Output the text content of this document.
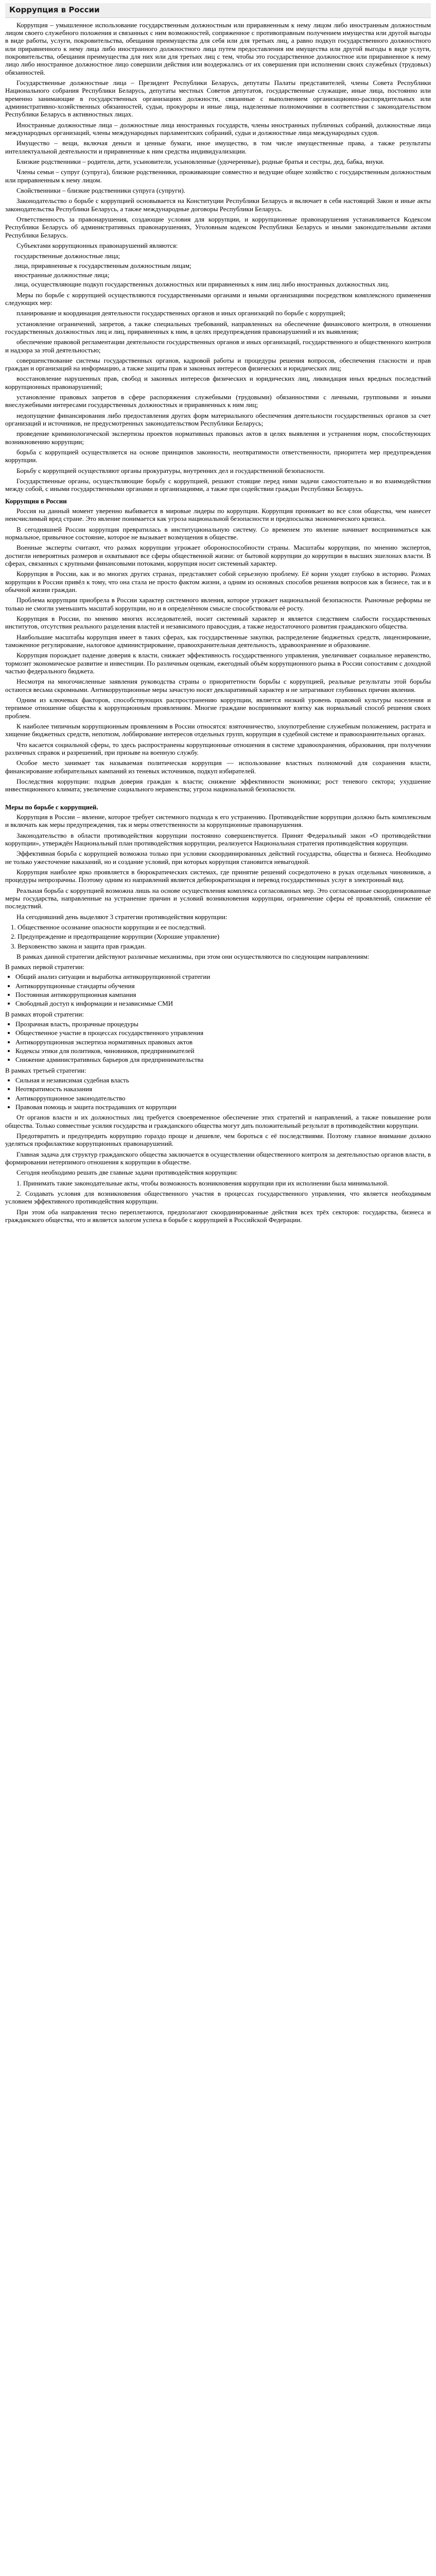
Коррупция в России

Коррупция – умышленное использование государственным должностным или приравненным к нему лицом либо иностранным должностным лицом своего служебного положения и связанных с ним возможностей, сопряженное с противоправным получением имущества или другой выгоды в виде работы, услуги, покровительства, обещания преимущества для себя или для третьих лиц, а равно подкуп государственного должностного или приравненного к нему лица либо иностранного должностного лица путем предоставления им имущества или другой выгоды в виде услуги, покровительства, обещания преимущества для них или для третьих лиц с тем, чтобы это государственное должностное или приравненное к нему лицо либо иностранное должностное лицо совершили действия или воздержались от их совершения при исполнении своих служебных (трудовых) обязанностей.

Государственные должностные лица – Президент Республики Беларусь, депутаты Палаты представителей, члены Совета Республики Национального собрания Республики Беларусь, депутаты местных Советов депутатов, государственные служащие, иные лица, постоянно или временно занимающие в государственных организациях должности, связанные с выполнением организационно-распорядительных или административно-хозяйственных обязанностей, судьи, прокуроры и иные лица, наделенные полномочиями в соответствии с законодательством Республики Беларусь в активностных лицах.

Иностранные должностные лица – должностные лица иностранных государств, члены иностранных публичных собраний, должностные лица международных организаций, члены международных парламентских собраний, судьи и должностные лица международных судов.

Имущество – вещи, включая деньги и ценные бумаги, иное имущество, в том числе имущественные права, а также результаты интеллектуальной деятельности и приравненные к ним средства индивидуализации.

Близкие родственники – родители, дети, усыновители, усыновленные (удочеренные), родные братья и сестры, дед, бабка, внуки.

Члены семьи – супруг (супруга), близкие родственники, проживающие совместно и ведущие общее хозяйство с государственным должностным или приравненным к нему лицом.

Свойственники – близкие родственники супруга (супруги).

Законодательство о борьбе с коррупцией основывается на Конституции Республики Беларусь и включает в себя настоящий Закон и иные акты законодательства Республики Беларусь, а также международные договоры Республики Беларусь.

Ответственность за правонарушения, создающие условия для коррупции, и коррупционные правонарушения устанавливается Кодексом Республики Беларусь об административных правонарушениях, Уголовным кодексом Республики Беларусь и иными законодательными актами Республики Беларусь.

Субъектами коррупционных правонарушений являются:

государственные должностные лица;
лица, приравненные к государственным должностным лицам;
иностранные должностные лица;
лица, осуществляющие подкуп государственных должностных или приравненных к ним лиц либо иностранных должностных лиц.

Меры по борьбе с коррупцией осуществляются государственными органами и иными организациями посредством комплексного применения следующих мер:

планирование и координация деятельности государственных органов и иных организаций по борьбе с коррупцией;

установление ограничений, запретов, а также специальных требований, направленных на обеспечение финансового контроля, в отношении государственных должностных лиц и лиц, приравненных к ним, в целях предупреждения правонарушений и их выявления;

обеспечение правовой регламентации деятельности государственных органов и иных организаций, государственного и общественного контроля и надзора за этой деятельностью;

совершенствование системы государственных органов, кадровой работы и процедуры решения вопросов, обеспечения гласности и прав граждан и организаций на информацию, а также защиты прав и законных интересов физических и юридических лиц;

восстановление нарушенных прав, свобод и законных интересов физических и юридических лиц, ликвидация иных вредных последствий коррупционных правонарушений;

установление правовых запретов в сфере распоряжения служебными (трудовыми) обязанностями с личными, групповыми и иными внеслужебными интересами государственных должностных и приравненных к ним лиц;

недопущение финансирования либо предоставления других форм материального обеспечения деятельности государственных органов за счет организаций и источников, не предусмотренных законодательством Республики Беларусь;

проведение криминологической экспертизы проектов нормативных правовых актов в целях выявления и устранения норм, способствующих возникновению коррупции;

борьба с коррупцией осуществляется на основе принципов законности, неотвратимости ответственности, приоритета мер предупреждения коррупции.

Борьбу с коррупцией осуществляют органы прокуратуры, внутренних дел и государственной безопасности.

Государственные органы, осуществляющие борьбу с коррупцией, решают стоящие перед ними задачи самостоятельно и во взаимодействии между собой, с иными государственными органами и организациями, а также при содействии граждан Республики Беларусь.

Коррупция в России

Россия на данный момент уверенно выбивается в мировые лидеры по коррупции. Коррупция проникает во все слои общества, чем нанесет неисчислимый вред стране. Это явление понимается как угроза национальной безопасности и предпосылка экономического кризиса.

В сегодняшней России коррупция превратилась в институциональную систему. Со временем это явление начинает восприниматься как нормальное, привычное состояние, которое не вызывает возмущения в обществе.

Военные эксперты считают, что размах коррупции угрожает обороноспособности страны. Масштабы коррупции, по мнению экспертов, достигли невероятных размеров и охватывают все сферы общественной жизни: от бытовой коррупции до коррупции в высших эшелонах власти. В сферах, связанных с крупными финансовыми потоками, коррупция носит системный характер.

Коррупция в России, как и во многих других странах, представляет собой серьезную проблему. Её корни уходят глубоко в историю. Размах коррупции в России привёл к тому, что она стала не просто фактом жизни, а одним из основных способов решения вопросов как в бизнесе, так и в обычной жизни граждан.

Проблема коррупции приобрела в России характер системного явления, которое угрожает национальной безопасности. Рыночные реформы не только не смогли уменьшить масштаб коррупции, но и в определённом смысле способствовали её росту.

Коррупция в России, по мнению многих исследователей, носит системный характер и является следствием слабости государственных институтов, отсутствия реального разделения властей и независимого правосудия, а также недостаточного развития гражданского общества.

Наибольшие масштабы коррупция имеет в таких сферах, как государственные закупки, распределение бюджетных средств, лицензирование, таможенное регулирование, налоговое администрирование, правоохранительная деятельность, здравоохранение и образование.

Коррупция порождает падение доверия к власти, снижает эффективность государственного управления, увеличивает социальное неравенство, тормозит экономическое развитие и инвестиции. По различным оценкам, ежегодный объём коррупционного рынка в России сопоставим с доходной частью федерального бюджета.

Несмотря на многочисленные заявления руководства страны о приоритетности борьбы с коррупцией, реальные результаты этой борьбы остаются весьма скромными. Антикоррупционные меры зачастую носят декларативный характер и не затрагивают глубинных причин явления.

Одним из ключевых факторов, способствующих распространению коррупции, является низкий уровень правовой культуры населения и терпимое отношение общества к коррупционным проявлениям. Многие граждане воспринимают взятку как нормальный способ решения своих проблем.

К наиболее типичным коррупционным проявлениям в России относятся: взяточничество, злоупотребление служебным положением, растрата и хищение бюджетных средств, непотизм, лоббирование интересов отдельных групп, коррупция в судебной системе и правоохранительных органах.

Что касается социальной сферы, то здесь распространены коррупционные отношения в системе здравоохранения, образования, при получении различных справок и разрешений, при призыве на военную службу.

Особое место занимает так называемая политическая коррупция — использование властных полномочий для сохранения власти, финансирование избирательных кампаний из теневых источников, подкуп избирателей.

Последствия коррупции: подрыв доверия граждан к власти; снижение эффективности экономики; рост теневого сектора; ухудшение инвестиционного климата; увеличение социального неравенства; угроза национальной безопасности.

Меры по борьбе с коррупцией.

Коррупция в России – явление, которое требует системного подхода к его устранению. Противодействие коррупции должно быть комплексным и включать как меры предупреждения, так и меры ответственности за коррупционные правонарушения.

Законодательство в области противодействия коррупции постоянно совершенствуется. Принят Федеральный закон «О противодействии коррупции», утверждён Национальный план противодействия коррупции, реализуется Национальная стратегия противодействия коррупции.

Эффективная борьба с коррупцией возможна только при условии скоординированных действий государства, общества и бизнеса. Необходимо не только ужесточение наказаний, но и создание условий, при которых коррупция становится невыгодной.

Коррупция наиболее ярко проявляется в бюрократических системах, где принятие решений сосредоточено в руках отдельных чиновников, а процедуры непрозрачны. Поэтому одним из направлений является дебюрократизация и перевод государственных услуг в электронный вид.

Реальная борьба с коррупцией возможна лишь на основе осуществления комплекса согласованных мер. Это согласованные скоординированные меры государства, направленные на устранение причин и условий возникновения коррупции, ограничение сферы её проявлений, снижение её последствий.

На сегодняшний день выделяют 3 стратегии противодействия коррупции:

1. Общественное осознание опасности коррупции и ее последствий.
2. Предупреждение и предотвращение коррупции (Хорошие управление)
3. Верховенство закона и защита прав граждан.

В рамках данной стратегии действуют различные механизмы, при этом они осуществляются по следующим направлениям:

В рамках первой стратегии:

• Общий анализ ситуации и выработка антикоррупционной стратегии
• Антикоррупционные стандарты обучения
• Постоянная антикоррупционная кампания
• Свободный доступ к информации и независимые СМИ

В рамках второй стратегии:

• Прозрачная власть, прозрачные процедуры
• Общественное участие в процессах государственного управления
• Антикоррупционная экспертиза нормативных правовых актов
• Кодексы этики для политиков, чиновников, предпринимателей
• Снижение административных барьеров для предпринимательства

В рамках третьей стратегии:

• Сильная и независимая судебная власть
• Неотвратимость наказания
• Антикоррупционное законодательство
• Правовая помощь и защита пострадавших от коррупции

От органов власти и их должностных лиц требуется своевременное обеспечение этих стратегий и направлений, а также повышение роли общества. Только совместные усилия государства и гражданского общества могут дать положительный результат в противодействии коррупции.

Предотвратить и предупредить коррупцию гораздо проще и дешевле, чем бороться с её последствиями. Поэтому главное внимание должно уделяться профилактике коррупционных правонарушений.

Главная задача для структур гражданского общества заключается в осуществлении общественного контроля за деятельностью органов власти, в формировании нетерпимого отношения к коррупции в обществе.

Сегодня необходимо решать две главные задачи противодействия коррупции:

1. Принимать такие законодательные акты, чтобы возможность возникновения коррупции при их исполнении была минимальной.

2. Создавать условия для возникновения общественного участия в процессах государственного управления, что является необходимым условием эффективного противодействия коррупции.

При этом оба направления тесно переплетаются, предполагают скоординированные действия всех трёх секторов: государства, бизнеса и гражданского общества, что и является залогом успеха в борьбе с коррупцией в Российской Федерации.
